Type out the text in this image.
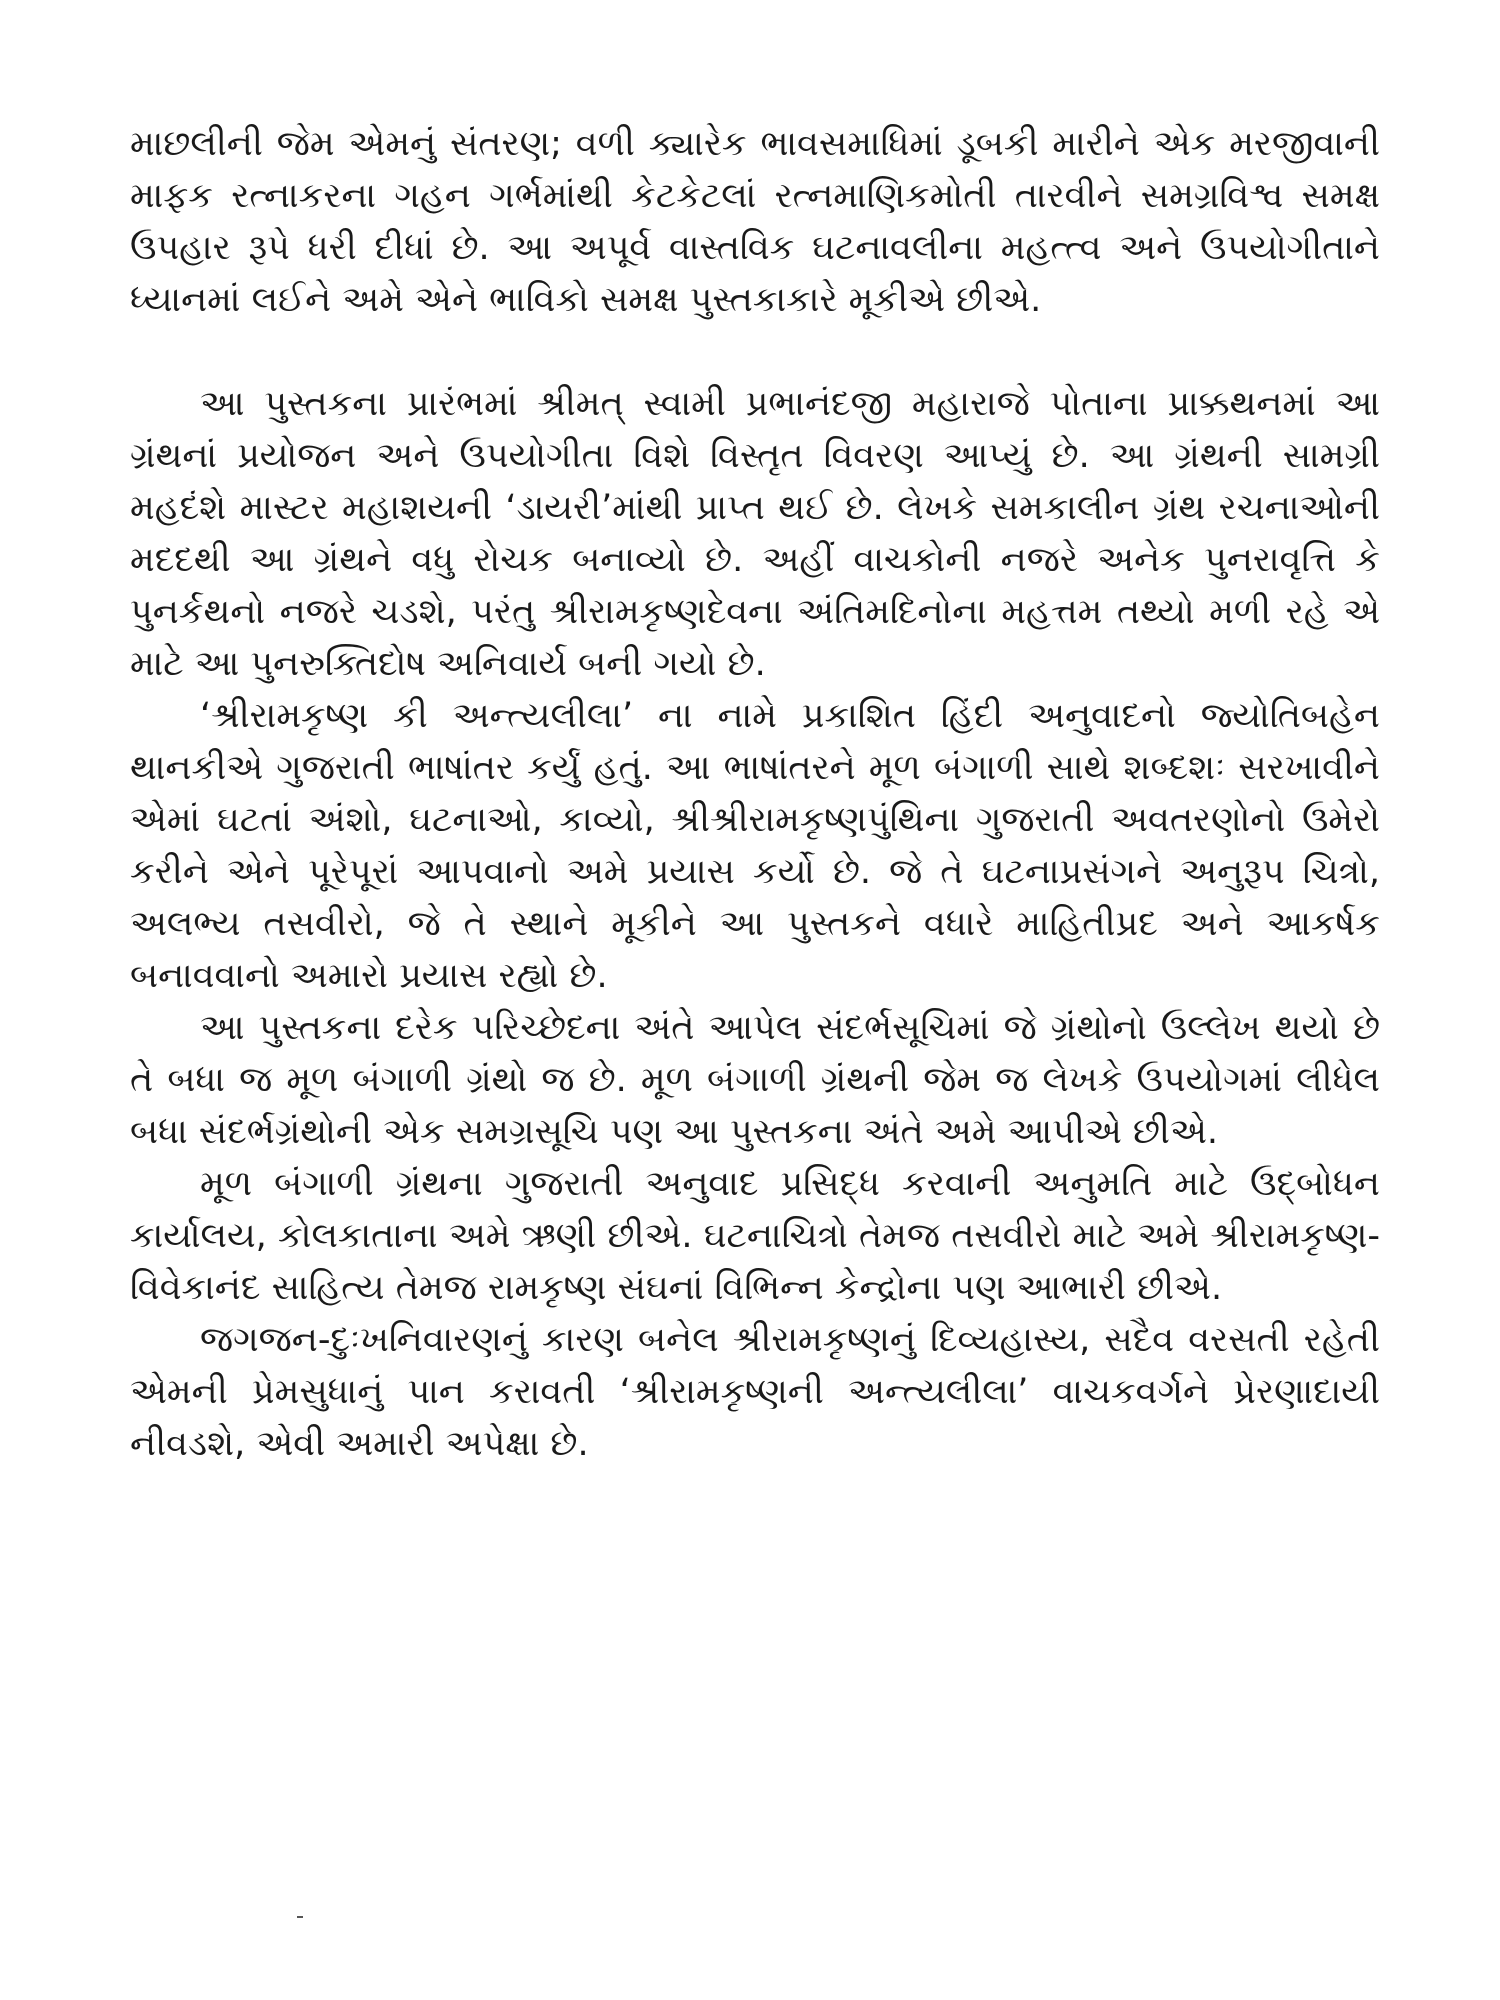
માછલીની જેમ એમનું સંતરણ; વળી ક્યારેક ભાવસમાધિમાં ડૂબકી મારીને એક મરજીવાની માફક રત્નાકરના ગહન ગર્ભમાંથી કેટકેટલાં રત્નમાણિકમોતી તારવીને સમગ્રવિશ્વ સમક્ષ ઉપહાર રૂપે ધરી દીધાં છે. આ અપૂર્વ વાસ્તવિક ઘટનાવલીના મહત્ત્વ અને ઉપયોગીતાને ધ્યાનમાં લઈને અમે એને ભાવિકો સમક્ષ પુસ્તકાકારે મૂકીએ છીએ.

આ પુસ્તકના પ્રારંભમાં શ્રીમત્ સ્વામી પ્રભાનંદજી મહારાજે પોતાના પ્રાક્કથનમાં આ ગ્રંથનાં પ્રયોજન અને ઉપયોગીતા વિશે વિસ્તૃત વિવરણ આપ્યું છે. આ ગ્રંથની સામગ્રી મહદંશે માસ્ટર મહાશયની ‘ડાયરી’માંથી પ્રાપ્ત થઈ છે. લેખકે સમકાલીન ગ્રંથ રચનાઓની મદદથી આ ગ્રંથને વધુ રોચક બનાવ્યો છે. અહીં વાચકોની નજરે અનેક પુનરાવૃત્તિ કે પુનર્કથનો નજરે ચડશે, પરંતુ શ્રીરામકૃષ્ણદેવના અંતિમદિનોના મહત્તમ તથ્યો મળી રહે એ માટે આ પુનરુક્તિદોષ અનિવાર્ય બની ગયો છે.

‘શ્રીરામકૃષ્ણ કી અન્ત્યલીલા’ ના નામે પ્રકાશિત હિંદી અનુવાદનો જ્યોતિબહેન થાનકીએ ગુજરાતી ભાષાંતર કર્યું હતું. આ ભાષાંતરને મૂળ બંગાળી સાથે શબ્દશઃ સરખાવીને એમાં ઘટતાં અંશો, ઘટનાઓ, કાવ્યો, શ્રીશ્રીરામકૃષ્ણપુંથિના ગુજરાતી અવતરણોનો ઉમેરો કરીને એને પૂરેપૂરાં આપવાનો અમે પ્રયાસ કર્યો છે. જે તે ઘટનાપ્રસંગને અનુરૂપ ચિત્રો, અલભ્ય તસવીરો, જે તે સ્થાને મૂકીને આ પુસ્તકને વધારે માહિતીપ્રદ અને આકર્ષક બનાવવાનો અમારો પ્રયાસ રહ્યો છે.

આ પુસ્તકના દરેક પરિચ્છેદના અંતે આપેલ સંદર્ભસૂચિમાં જે ગ્રંથોનો ઉલ્લેખ થયો છે તે બધા જ મૂળ બંગાળી ગ્રંથો જ છે. મૂળ બંગાળી ગ્રંથની જેમ જ લેખકે ઉપયોગમાં લીધેલ બધા સંદર્ભગ્રંથોની એક સમગ્રસૂચિ પણ આ પુસ્તકના અંતે અમે આપીએ છીએ.

મૂળ બંગાળી ગ્રંથના ગુજરાતી અનુવાદ પ્રસિદ્ધ કરવાની અનુમતિ માટે ઉદ્‌બોધન કાર્યાલય, કોલકાતાના અમે ઋણી છીએ. ઘટનાચિત્રો તેમજ તસવીરો માટે અમે શ્રીરામકૃષ્ણ-વિવેકાનંદ સાહિત્ય તેમજ રામકૃષ્ણ સંઘનાં વિભિન્ન કેન્દ્રોના પણ આભારી છીએ.

જગજન-દુઃખનિવારણનું કારણ બનેલ શ્રીરામકૃષ્ણનું દિવ્યહાસ્ય, સદૈવ વરસતી રહેતી એમની પ્રેમસુધાનું પાન કરાવતી ‘શ્રીરામકૃષ્ણની અન્ત્યલીલા’ વાચકવર્ગને પ્રેરણાદાયી નીવડશે, એવી અમારી અપેક્ષા છે.
